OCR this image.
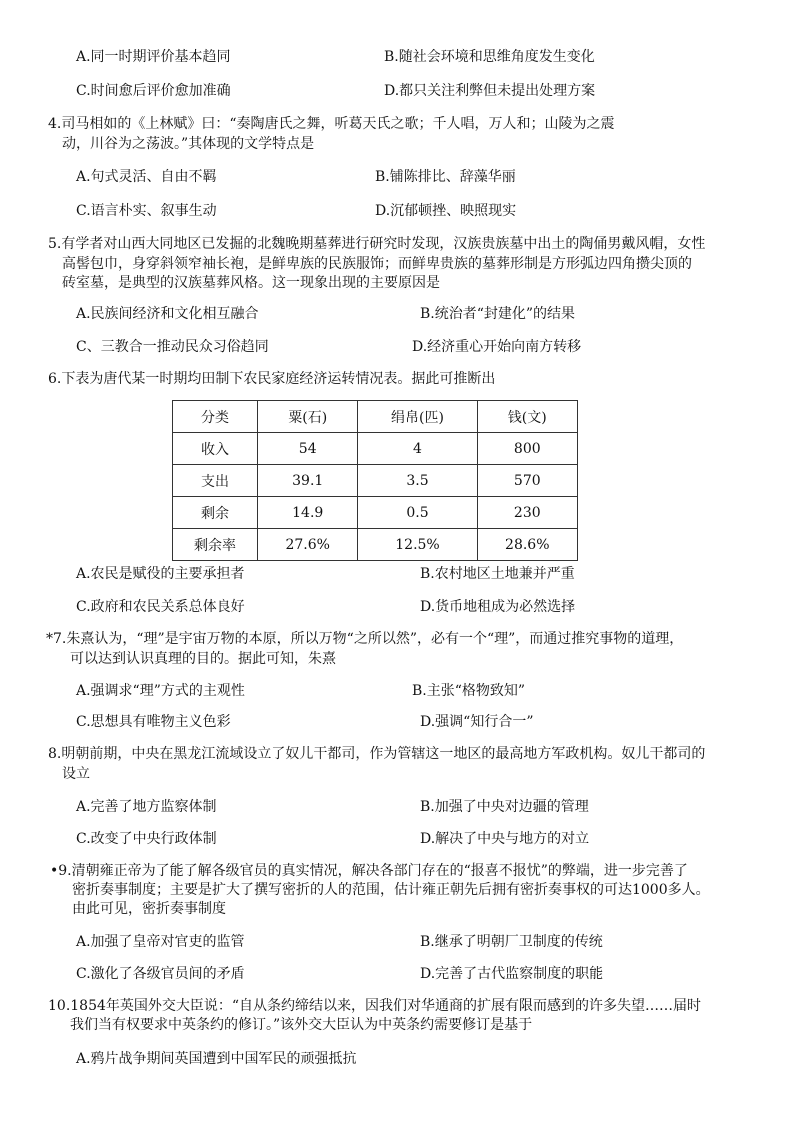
A.同一时期评价基本趋同	B.随社会环境和思维角度发生变化
C.时间愈后评价愈加准确	D.都只关注利弊但未提出处理方案
4.司马相如的《上林赋》曰：“奏陶唐氏之舞，听葛天氏之歌；千人唱，万人和；山陵为之震
动，川谷为之荡波。”其体现的文学特点是
A.句式灵活、自由不羁	B.铺陈排比、辞藻华丽
C.语言朴实、叙事生动	D.沉郁顿挫、映照现实
5.有学者对山西大同地区已发掘的北魏晚期墓葬进行研究时发现，汉族贵族墓中出土的陶俑男戴风帽，女性
高髻包巾，身穿斜领窄袖长袍，是鲜卑族的民族服饰；而鲜卑贵族的墓葬形制是方形弧边四角攒尖顶的
砖室墓，是典型的汉族墓葬风格。这一现象出现的主要原因是
A.民族间经济和文化相互融合	B.统治者“封建化”的结果
C、三教合一推动民众习俗趋同	D.经济重心开始向南方转移
6.下表为唐代某一时期均田制下农民家庭经济运转情况表。据此可推断出
分类	粟(石)	绢帛(匹)	钱(文)
收入	54	4	800
支出	39.1	3.5	570
剩余	14.9	0.5	230
剩余率	27.6%	12.5%	28.6%
A.农民是赋役的主要承担者	B.农村地区土地兼并严重
C.政府和农民关系总体良好	D.货币地租成为必然选择
*7.朱熹认为，“理”是宇宙万物的本原，所以万物“之所以然”，必有一个“理”，而通过推究事物的道理，
可以达到认识真理的目的。据此可知，朱熹
A.强调求“理”方式的主观性	B.主张“格物致知”
C.思想具有唯物主义色彩	D.强调“知行合一”
8.明朝前期，中央在黑龙江流域设立了奴儿干都司，作为管辖这一地区的最高地方军政机构。奴儿干都司的
设立
A.完善了地方监察体制	B.加强了中央对边疆的管理
C.改变了中央行政体制	D.解决了中央与地方的对立
•9.清朝雍正帝为了能了解各级官员的真实情况，解决各部门存在的“报喜不报忧”的弊端，进一步完善了
密折奏事制度；主要是扩大了撰写密折的人的范围，估计雍正朝先后拥有密折奏事权的可达1000多人。
由此可见，密折奏事制度
A.加强了皇帝对官吏的监管	B.继承了明朝厂卫制度的传统
C.激化了各级官员间的矛盾	D.完善了古代监察制度的职能
10.1854年英国外交大臣说：“自从条约缔结以来，因我们对华通商的扩展有限而感到的许多失望……届时
我们当有权要求中英条约的修订。”该外交大臣认为中英条约需要修订是基于
A.鸦片战争期间英国遭到中国军民的顽强抵抗
